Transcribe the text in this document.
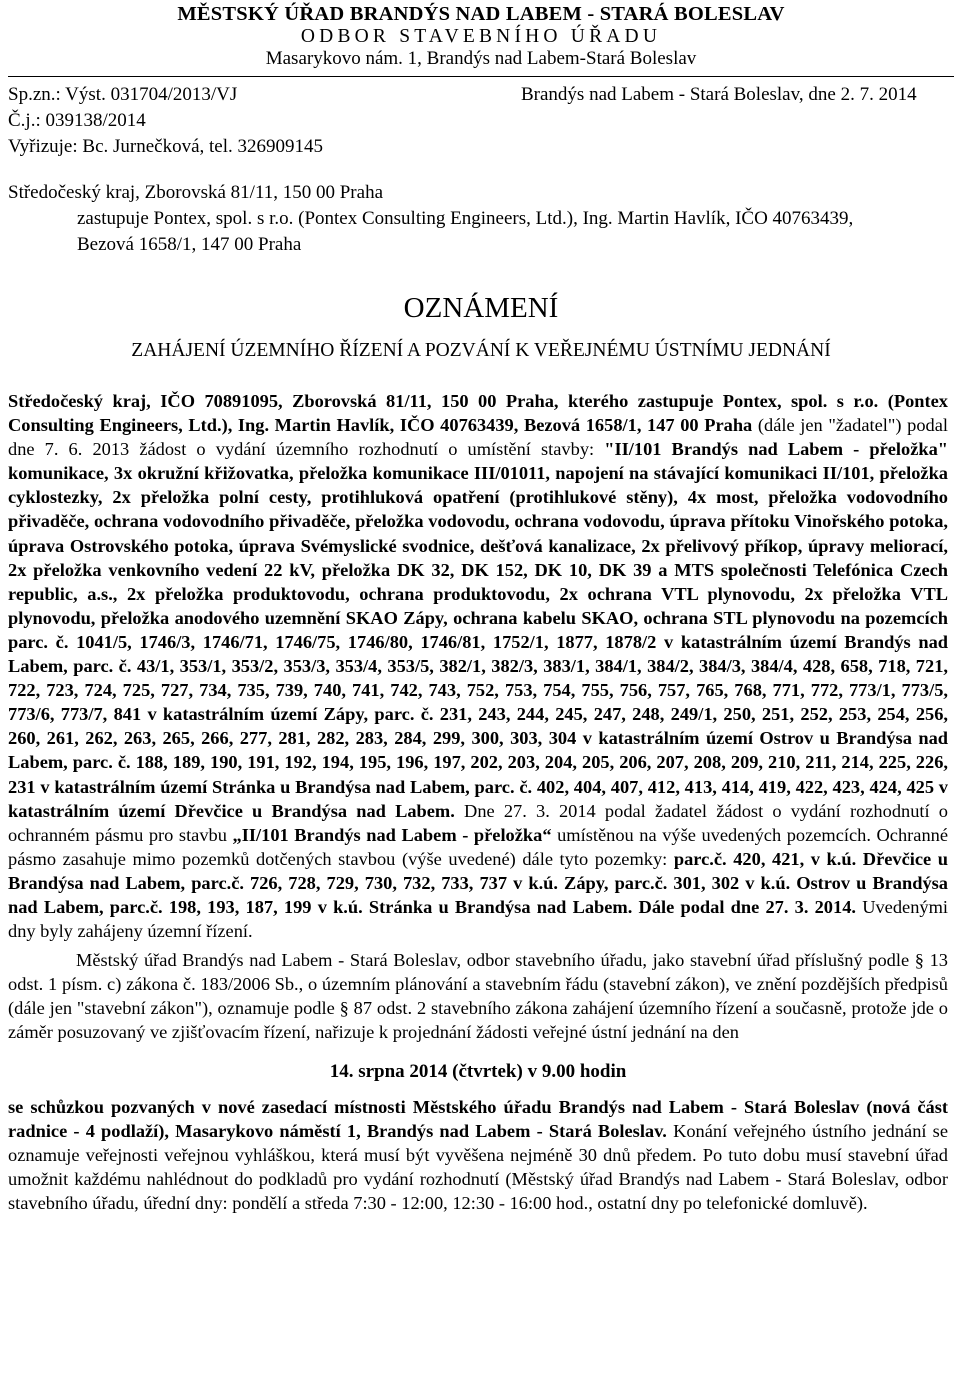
MĚSTSKÝ ÚŘAD BRANDÝS NAD LABEM - STARÁ BOLESLAV
ODBOR STAVEBNÍHO ÚŘADU
Masarykovo nám. 1, Brandýs nad Labem-Stará Boleslav
Sp.zn.: Výst. 031704/2013/VJ
Č.j.: 039138/2014
Vyřizuje: Bc. Jurnečková, tel. 326909145
Brandýs nad Labem - Stará Boleslav, dne 2. 7. 2014
Středočeský kraj, Zborovská 81/11, 150 00 Praha
zastupuje Pontex, spol. s r.o. (Pontex Consulting Engineers, Ltd.), Ing. Martin Havlík, IČO 40763439,
Bezová 1658/1, 147 00 Praha
OZNÁMENÍ
ZAHÁJENÍ ÚZEMNÍHO ŘÍZENÍ A POZVÁNÍ K VEŘEJNÉMU ÚSTNÍMU JEDNÁNÍ

Středočeský kraj, IČO 70891095, Zborovská 81/11, 150 00 Praha, kterého zastupuje Pontex, spol. s r.o. (Pontex Consulting Engineers, Ltd.), Ing. Martin Havlík, IČO 40763439, Bezová 1658/1, 147 00 Praha (dále jen "žadatel") podal dne 7. 6. 2013 žádost o vydání územního rozhodnutí o umístění stavby: "II/101 Brandýs nad Labem - přeložka" komunikace, 3x okružní křižovatka, přeložka komunikace III/01011, napojení na stávající komunikaci II/101, přeložka cyklostezky, 2x přeložka polní cesty, protihluková opatření (protihlukové stěny), 4x most, přeložka vodovodního přivaděče, ochrana vodovodního přivaděče, přeložka vodovodu, ochrana vodovodu, úprava přítoku Vinořského potoka, úprava Ostrovského potoka, úprava Svémyslické svodnice, dešťová kanalizace, 2x přelivový příkop, úpravy meliorací, 2x přeložka venkovního vedení 22 kV, přeložka DK 32, DK 152, DK 10, DK 39 a MTS společnosti Telefónica Czech republic, a.s., 2x přeložka produktovodu, ochrana produktovodu, 2x ochrana VTL plynovodu, 2x přeložka VTL plynovodu, přeložka anodového uzemnění SKAO Zápy, ochrana kabelu SKAO, ochrana STL plynovodu na pozemcích parc. č. 1041/5, 1746/3, 1746/71, 1746/75, 1746/80, 1746/81, 1752/1, 1877, 1878/2 v katastrálním území Brandýs nad Labem, parc. č. 43/1, 353/1, 353/2, 353/3, 353/4, 353/5, 382/1, 382/3, 383/1, 384/1, 384/2, 384/3, 384/4, 428, 658, 718, 721, 722, 723, 724, 725, 727, 734, 735, 739, 740, 741, 742, 743, 752, 753, 754, 755, 756, 757, 765, 768, 771, 772, 773/1, 773/5, 773/6, 773/7, 841 v katastrálním území Zápy, parc. č. 231, 243, 244, 245, 247, 248, 249/1, 250, 251, 252, 253, 254, 256, 260, 261, 262, 263, 265, 266, 277, 281, 282, 283, 284, 299, 300, 303, 304 v katastrálním území Ostrov u Brandýsa nad Labem, parc. č. 188, 189, 190, 191, 192, 194, 195, 196, 197, 202, 203, 204, 205, 206, 207, 208, 209, 210, 211, 214, 225, 226, 231 v katastrálním území Stránka u Brandýsa nad Labem, parc. č. 402, 404, 407, 412, 413, 414, 419, 422, 423, 424, 425 v katastrálním území Dřevčice u Brandýsa nad Labem. Dne 27. 3. 2014 podal žadatel žádost o vydání rozhodnutí o ochranném pásmu pro stavbu „II/101 Brandýs nad Labem - přeložka“ umístěnou na výše uvedených pozemcích. Ochranné pásmo zasahuje mimo pozemků dotčených stavbou (výše uvedené) dále tyto pozemky: parc.č. 420, 421, v k.ú. Dřevčice u Brandýsa nad Labem, parc.č. 726, 728, 729, 730, 732, 733, 737 v k.ú. Zápy, parc.č. 301, 302 v k.ú. Ostrov u Brandýsa nad Labem, parc.č. 198, 193, 187, 199 v k.ú. Stránka u Brandýsa nad Labem. Dále podal dne 27. 3. 2014. Uvedenými dny byly zahájeny územní řízení.

Městský úřad Brandýs nad Labem - Stará Boleslav, odbor stavebního úřadu, jako stavební úřad příslušný podle § 13 odst. 1 písm. c) zákona č. 183/2006 Sb., o územním plánování a stavebním řádu (stavební zákon), ve znění pozdějších předpisů (dále jen "stavební zákon"), oznamuje podle § 87 odst. 2 stavebního zákona zahájení územního řízení a současně, protože jde o záměr posuzovaný ve zjišťovacím řízení, nařizuje k projednání žádosti veřejné ústní jednání na den

14. srpna 2014 (čtvrtek) v 9.00 hodin

se schůzkou pozvaných v nové zasedací místnosti Městského úřadu Brandýs nad Labem - Stará Boleslav (nová část radnice - 4 podlaží), Masarykovo náměstí 1, Brandýs nad Labem - Stará Boleslav. Konání veřejného ústního jednání se oznamuje veřejnosti veřejnou vyhláškou, která musí být vyvěšena nejméně 30 dnů předem. Po tuto dobu musí stavební úřad umožnit každému nahlédnout do podkladů pro vydání rozhodnutí (Městský úřad Brandýs nad Labem - Stará Boleslav, odbor stavebního úřadu, úřední dny: pondělí a středa 7:30 - 12:00, 12:30 - 16:00 hod., ostatní dny po telefonické domluvě).
